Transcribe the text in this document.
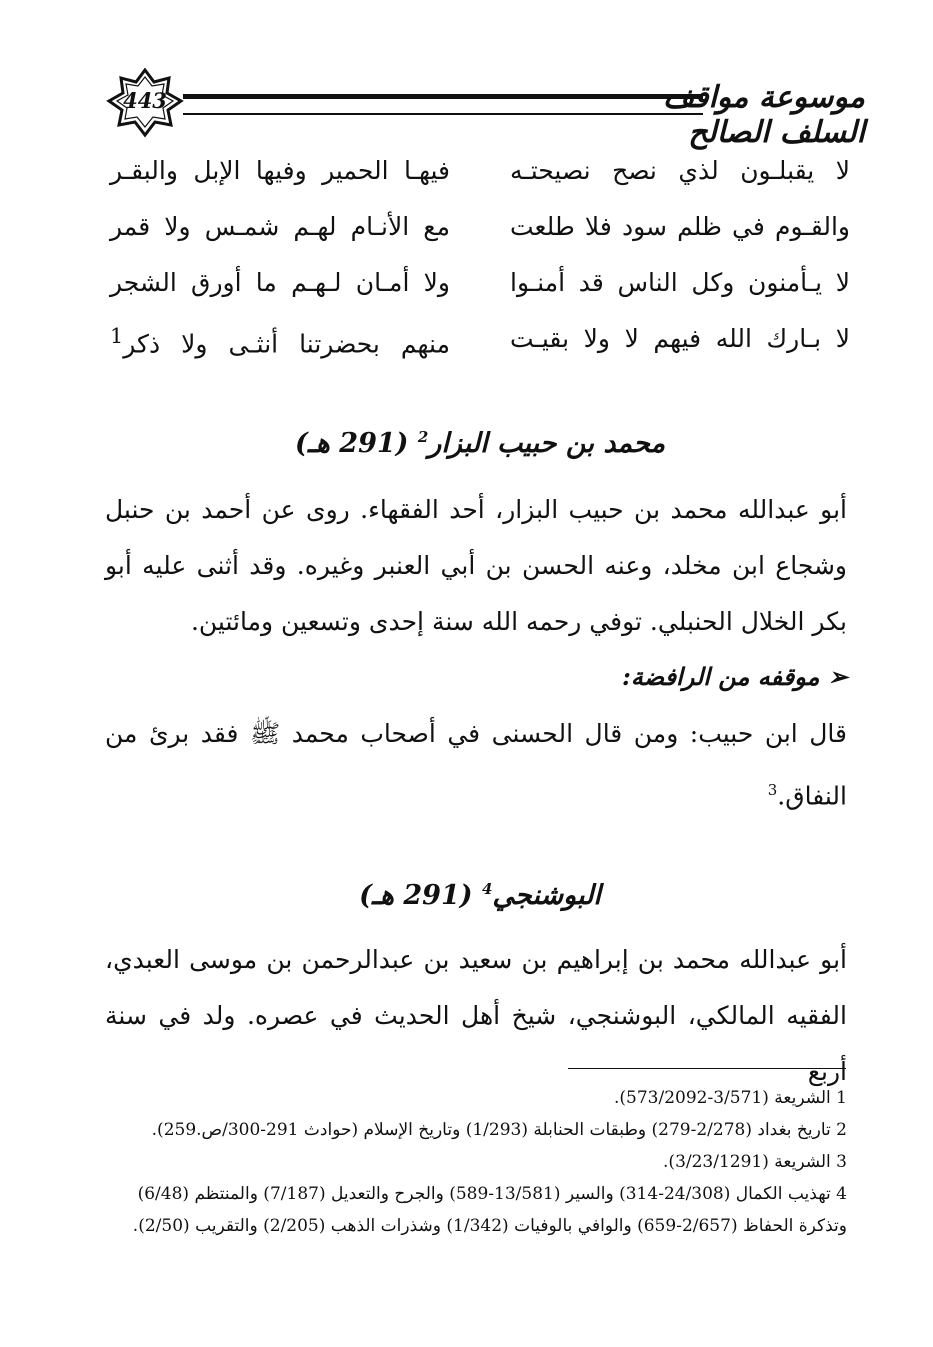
443	موسوعة مواقف السلف الصالح
لا يقبلـون لذي نصح نصيحتـه
فيهـا الحمير وفيها الإبل والبقـر
والقـوم في ظلم سود فلا طلعت
مع الأنـام لهـم شمـس ولا قمر
لا يـأمنون وكل الناس قد أمنـوا
ولا أمـان لـهـم ما أورق الشجر
لا بـارك الله فيهم لا ولا بقيـت
منهم بحضرتنا أنثـى ولا ذكر$^1$
محمد بن حبيب البزار$^2$ (291 هـ)
أبو عبدالله محمد بن حبيب البزار، أحد الفقهاء. روى عن أحمد بن حنبل وشجاع ابن مخلد، وعنه الحسن بن أبي العنبر وغيره. وقد أثنى عليه أبو بكر الخلال الحنبلي. توفي رحمه الله سنة إحدى وتسعين ومائتين.
➢ موقفه من الرافضة:
قال ابن حبيب: ومن قال الحسنى في أصحاب محمد ﷺ فقد برئ من النفاق.$^3$
البوشنجي$^4$ (291 هـ)
أبو عبدالله محمد بن إبراهيم بن سعيد بن عبدالرحمن بن موسى العبدي، الفقيه المالكي، البوشنجي، شيخ أهل الحديث في عصره. ولد في سنة أربع
1 الشريعة (3/571-573/2092).
2 تاريخ بغداد (2/278-279) وطبقات الحنابلة (1/293) وتاريخ الإسلام (حوادث 291-300/ص.259).
3 الشريعة (3/23/1291).
4 تهذيب الكمال (24/308-314) والسير (13/581-589) والجرح والتعديل (7/187) والمنتظم (6/48) وتذكرة الحفاظ (2/657-659) والوافي بالوفيات (1/342) وشذرات الذهب (2/205) والتقريب (2/50).
